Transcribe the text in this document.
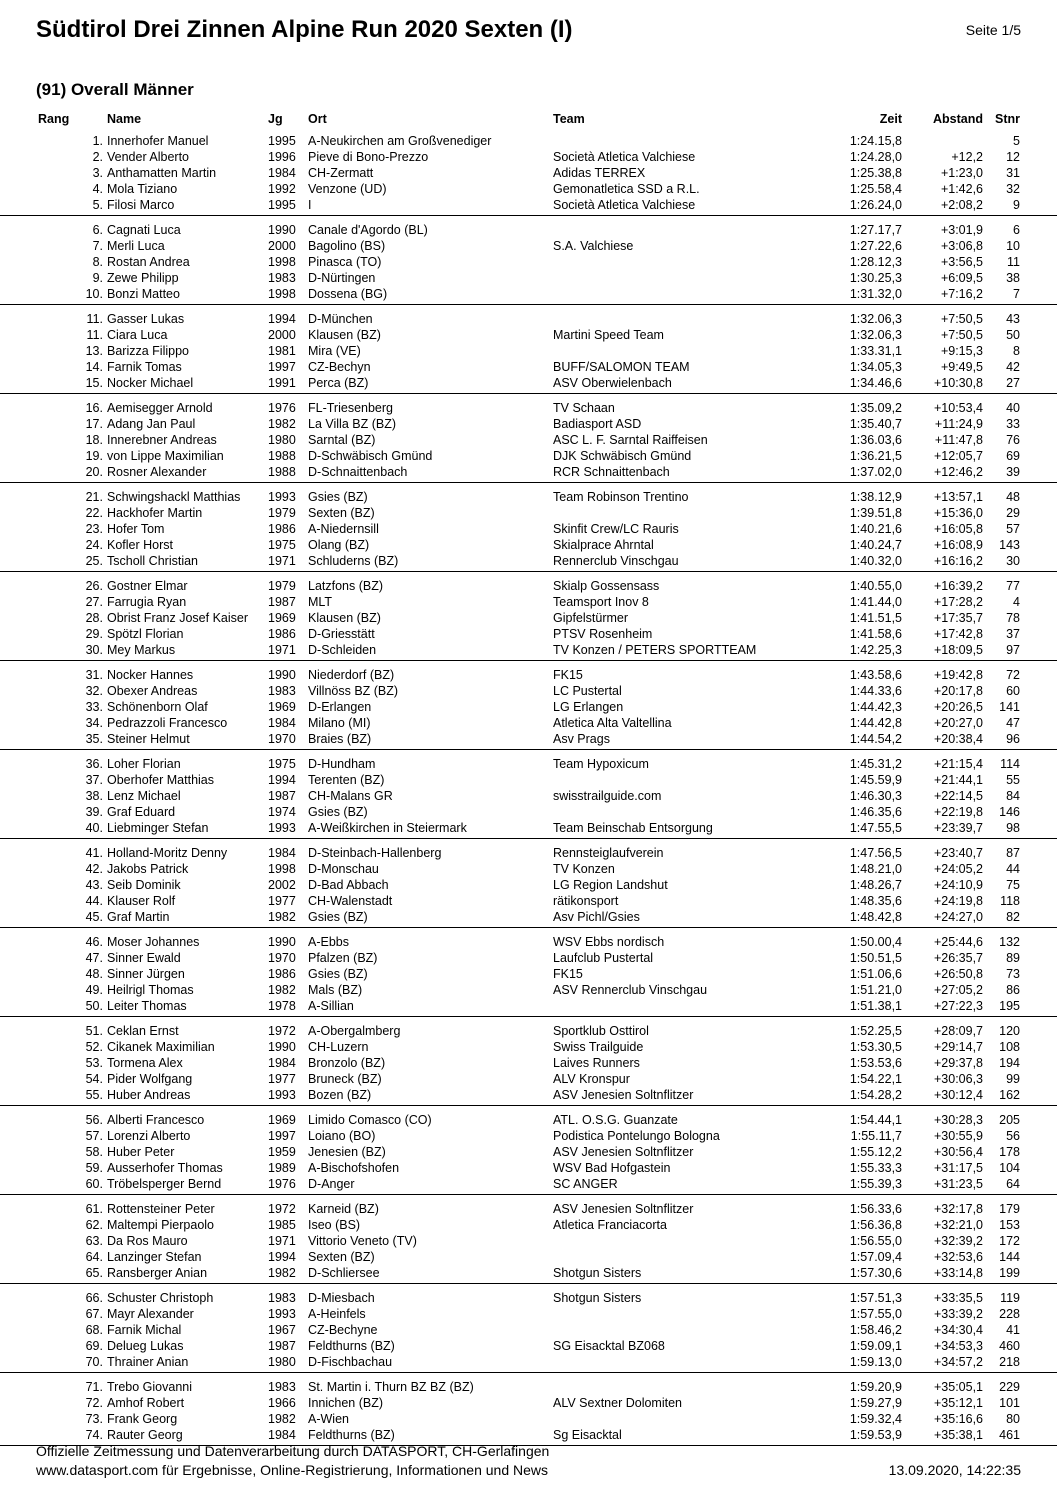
Südtirol Drei Zinnen Alpine Run 2020 Sexten (I)	Seite 1/5
(91) Overall Männer
Rang	Name	Jg Ort	Team	Zeit Abstand Stnr
1. Innerhofer Manuel	1995 A-Neukirchen am Großvenediger	1:24.15,8	5
2. Vender Alberto	1996 Pieve di Bono-Prezzo	Società Atletica Valchiese	1:24.28,0	+12,2 12
3. Anthamatten Martin	1984 CH-Zermatt	Adidas TERREX	1:25.38,8	+1:23,0 31
4. Mola Tiziano	1992 Venzone (UD)	Gemonatletica SSD a R.L.	1:25.58,4	+1:42,6 32
5. Filosi Marco	1995 I	Società Atletica Valchiese	1:26.24,0	+2:08,2 9
6. Cagnati Luca	1990 Canale d'Agordo (BL)	1:27.17,7	+3:01,9 6
7. Merli Luca	2000 Bagolino (BS)	S.A. Valchiese	1:27.22,6	+3:06,8 10
8. Rostan Andrea	1998 Pinasca (TO)	1:28.12,3	+3:56,5 11
9. Zewe Philipp	1983 D-Nürtingen	1:30.25,3	+6:09,5 38
10. Bonzi Matteo	1998 Dossena (BG)	1:31.32,0	+7:16,2 7
11. Gasser Lukas	1994 D-München	1:32.06,3	+7:50,5 43
11. Ciara Luca	2000 Klausen (BZ)	Martini Speed Team	1:32.06,3	+7:50,5 50
13. Barizza Filippo	1981 Mira (VE)	1:33.31,1	+9:15,3 8
14. Farnik Tomas	1997 CZ-Bechyn	BUFF/SALOMON TEAM	1:34.05,3	+9:49,5 42
15. Nocker Michael	1991 Perca (BZ)	ASV Oberwielenbach	1:34.46,6	+10:30,8 27
16. Aemisegger Arnold	1976 FL-Triesenberg	TV Schaan	1:35.09,2	+10:53,4 40
17. Adang Jan Paul	1982 La Villa BZ (BZ)	Badiasport ASD	1:35.40,7	+11:24,9 33
18. Innerebner Andreas	1980 Sarntal (BZ)	ASC L. F. Sarntal Raiffeisen	1:36.03,6	+11:47,8 76
19. von Lippe Maximilian	1988 D-Schwäbisch Gmünd	DJK Schwäbisch Gmünd	1:36.21,5	+12:05,7 69
20. Rosner Alexander	1988 D-Schnaittenbach	RCR Schnaittenbach	1:37.02,0	+12:46,2 39
21. Schwingshackl Matthias 1993 Gsies (BZ)	Team Robinson Trentino	1:38.12,9	+13:57,1 48
22. Hackhofer Martin	1979 Sexten (BZ)	1:39.51,8	+15:36,0 29
23. Hofer Tom	1986 A-Niedernsill	Skinfit Crew/LC Rauris	1:40.21,6	+16:05,8 57
24. Kofler Horst	1975 Olang (BZ)	Skialprace Ahrntal	1:40.24,7	+16:08,9 143
25. Tscholl Christian	1971 Schluderns (BZ)	Rennerclub Vinschgau	1:40.32,0	+16:16,2 30
26. Gostner Elmar	1979 Latzfons (BZ)	Skialp Gossensass	1:40.55,0	+16:39,2 77
27. Farrugia Ryan	1987 MLT	Teamsport Inov 8	1:41.44,0	+17:28,2 4
28. Obrist Franz Josef Kaiser 1969 Klausen (BZ)	Gipfelstürmer	1:41.51,5	+17:35,7 78
29. Spötzl Florian	1986 D-Griesstätt	PTSV Rosenheim	1:41.58,6	+17:42,8 37
30. Mey Markus	1971 D-Schleiden	TV Konzen / PETERS SPORTTEAM	1:42.25,3	+18:09,5 97
31. Nocker Hannes	1990 Niederdorf (BZ)	FK15	1:43.58,6	+19:42,8 72
32. Obexer Andreas	1983 Villnöss BZ (BZ)	LC Pustertal	1:44.33,6	+20:17,8 60
33. Schönenborn Olaf	1969 D-Erlangen	LG Erlangen	1:44.42,3	+20:26,5 141
34. Pedrazzoli Francesco	1984 Milano (MI)	Atletica Alta Valtellina	1:44.42,8	+20:27,0 47
35. Steiner Helmut	1970 Braies (BZ)	Asv Prags	1:44.54,2	+20:38,4 96
36. Loher Florian	1975 D-Hundham	Team Hypoxicum	1:45.31,2	+21:15,4 114
37. Oberhofer Matthias	1994 Terenten (BZ)	1:45.59,9	+21:44,1 55
38. Lenz Michael	1987 CH-Malans GR	swisstrailguide.com	1:46.30,3	+22:14,5 84
39. Graf Eduard	1974 Gsies (BZ)	1:46.35,6	+22:19,8 146
40. Liebminger Stefan	1993 A-Weißkirchen in Steiermark	Team Beinschab Entsorgung	1:47.55,5	+23:39,7 98
41. Holland-Moritz Denny	1984 D-Steinbach-Hallenberg	Rennsteiglaufverein	1:47.56,5	+23:40,7 87
42. Jakobs Patrick	1998 D-Monschau	TV Konzen	1:48.21,0	+24:05,2 44
43. Seib Dominik	2002 D-Bad Abbach	LG Region Landshut	1:48.26,7	+24:10,9 75
44. Klauser Rolf	1977 CH-Walenstadt	rätikonsport	1:48.35,6	+24:19,8 118
45. Graf Martin	1982 Gsies (BZ)	Asv Pichl/Gsies	1:48.42,8	+24:27,0 82
46. Moser Johannes	1990 A-Ebbs	WSV Ebbs nordisch	1:50.00,4	+25:44,6 132
47. Sinner Ewald	1970 Pfalzen (BZ)	Laufclub Pustertal	1:50.51,5	+26:35,7 89
48. Sinner Jürgen	1986 Gsies (BZ)	FK15	1:51.06,6	+26:50,8 73
49. Heilrigl Thomas	1982 Mals (BZ)	ASV Rennerclub Vinschgau	1:51.21,0	+27:05,2 86
50. Leiter Thomas	1978 A-Sillian	1:51.38,1	+27:22,3 195
51. Ceklan Ernst	1972 A-Obergalmberg	Sportklub Osttirol	1:52.25,5	+28:09,7 120
52. Cikanek Maximilian	1990 CH-Luzern	Swiss Trailguide	1:53.30,5	+29:14,7 108
53. Tormena Alex	1984 Bronzolo (BZ)	Laives Runners	1:53.53,6	+29:37,8 194
54. Pider Wolfgang	1977 Bruneck (BZ)	ALV Kronspur	1:54.22,1	+30:06,3 99
55. Huber Andreas	1993 Bozen (BZ)	ASV Jenesien Soltnflitzer	1:54.28,2	+30:12,4 162
56. Alberti Francesco	1969 Limido Comasco (CO)	ATL. O.S.G. Guanzate	1:54.44,1	+30:28,3 205
57. Lorenzi Alberto	1997 Loiano (BO)	Podistica Pontelungo Bologna	1:55.11,7	+30:55,9 56
58. Huber Peter	1959 Jenesien (BZ)	ASV Jenesien Soltnflitzer	1:55.12,2	+30:56,4 178
59. Ausserhofer Thomas	1989 A-Bischofshofen	WSV Bad Hofgastein	1:55.33,3	+31:17,5 104
60. Tröbelsperger Bernd	1976 D-Anger	SC ANGER	1:55.39,3	+31:23,5 64
61. Rottensteiner Peter	1972 Karneid (BZ)	ASV Jenesien Soltnflitzer	1:56.33,6	+32:17,8 179
62. Maltempi Pierpaolo	1985 Iseo (BS)	Atletica Franciacorta	1:56.36,8	+32:21,0 153
63. Da Ros Mauro	1971 Vittorio Veneto (TV)	1:56.55,0	+32:39,2 172
64. Lanzinger Stefan	1994 Sexten (BZ)	1:57.09,4	+32:53,6 144
65. Ransberger Anian	1982 D-Schliersee	Shotgun Sisters	1:57.30,6	+33:14,8 199
66. Schuster Christoph	1983 D-Miesbach	Shotgun Sisters	1:57.51,3	+33:35,5 119
67. Mayr Alexander	1993 A-Heinfels	1:57.55,0	+33:39,2 228
68. Farnik Michal	1967 CZ-Bechyne	1:58.46,2	+34:30,4 41
69. Delueg Lukas	1987 Feldthurns (BZ)	SG Eisacktal BZ068	1:59.09,1	+34:53,3 460
70. Thrainer Anian	1980 D-Fischbachau	1:59.13,0	+34:57,2 218
71. Trebo Giovanni	1983 St. Martin i. Thurn BZ BZ (BZ)	1:59.20,9	+35:05,1 229
72. Amhof Robert	1966 Innichen (BZ)	ALV Sextner Dolomiten	1:59.27,9	+35:12,1 101
73. Frank Georg	1982 A-Wien	1:59.32,4	+35:16,6 80
74. Rauter Georg	1984 Feldthurns (BZ)	Sg Eisacktal	1:59.53,9	+35:38,1 461
Offizielle Zeitmessung und Datenverarbeitung durch DATASPORT, CH-Gerlafingen
www.datasport.com für Ergebnisse, Online-Registrierung, Informationen und News	13.09.2020, 14:22:35
